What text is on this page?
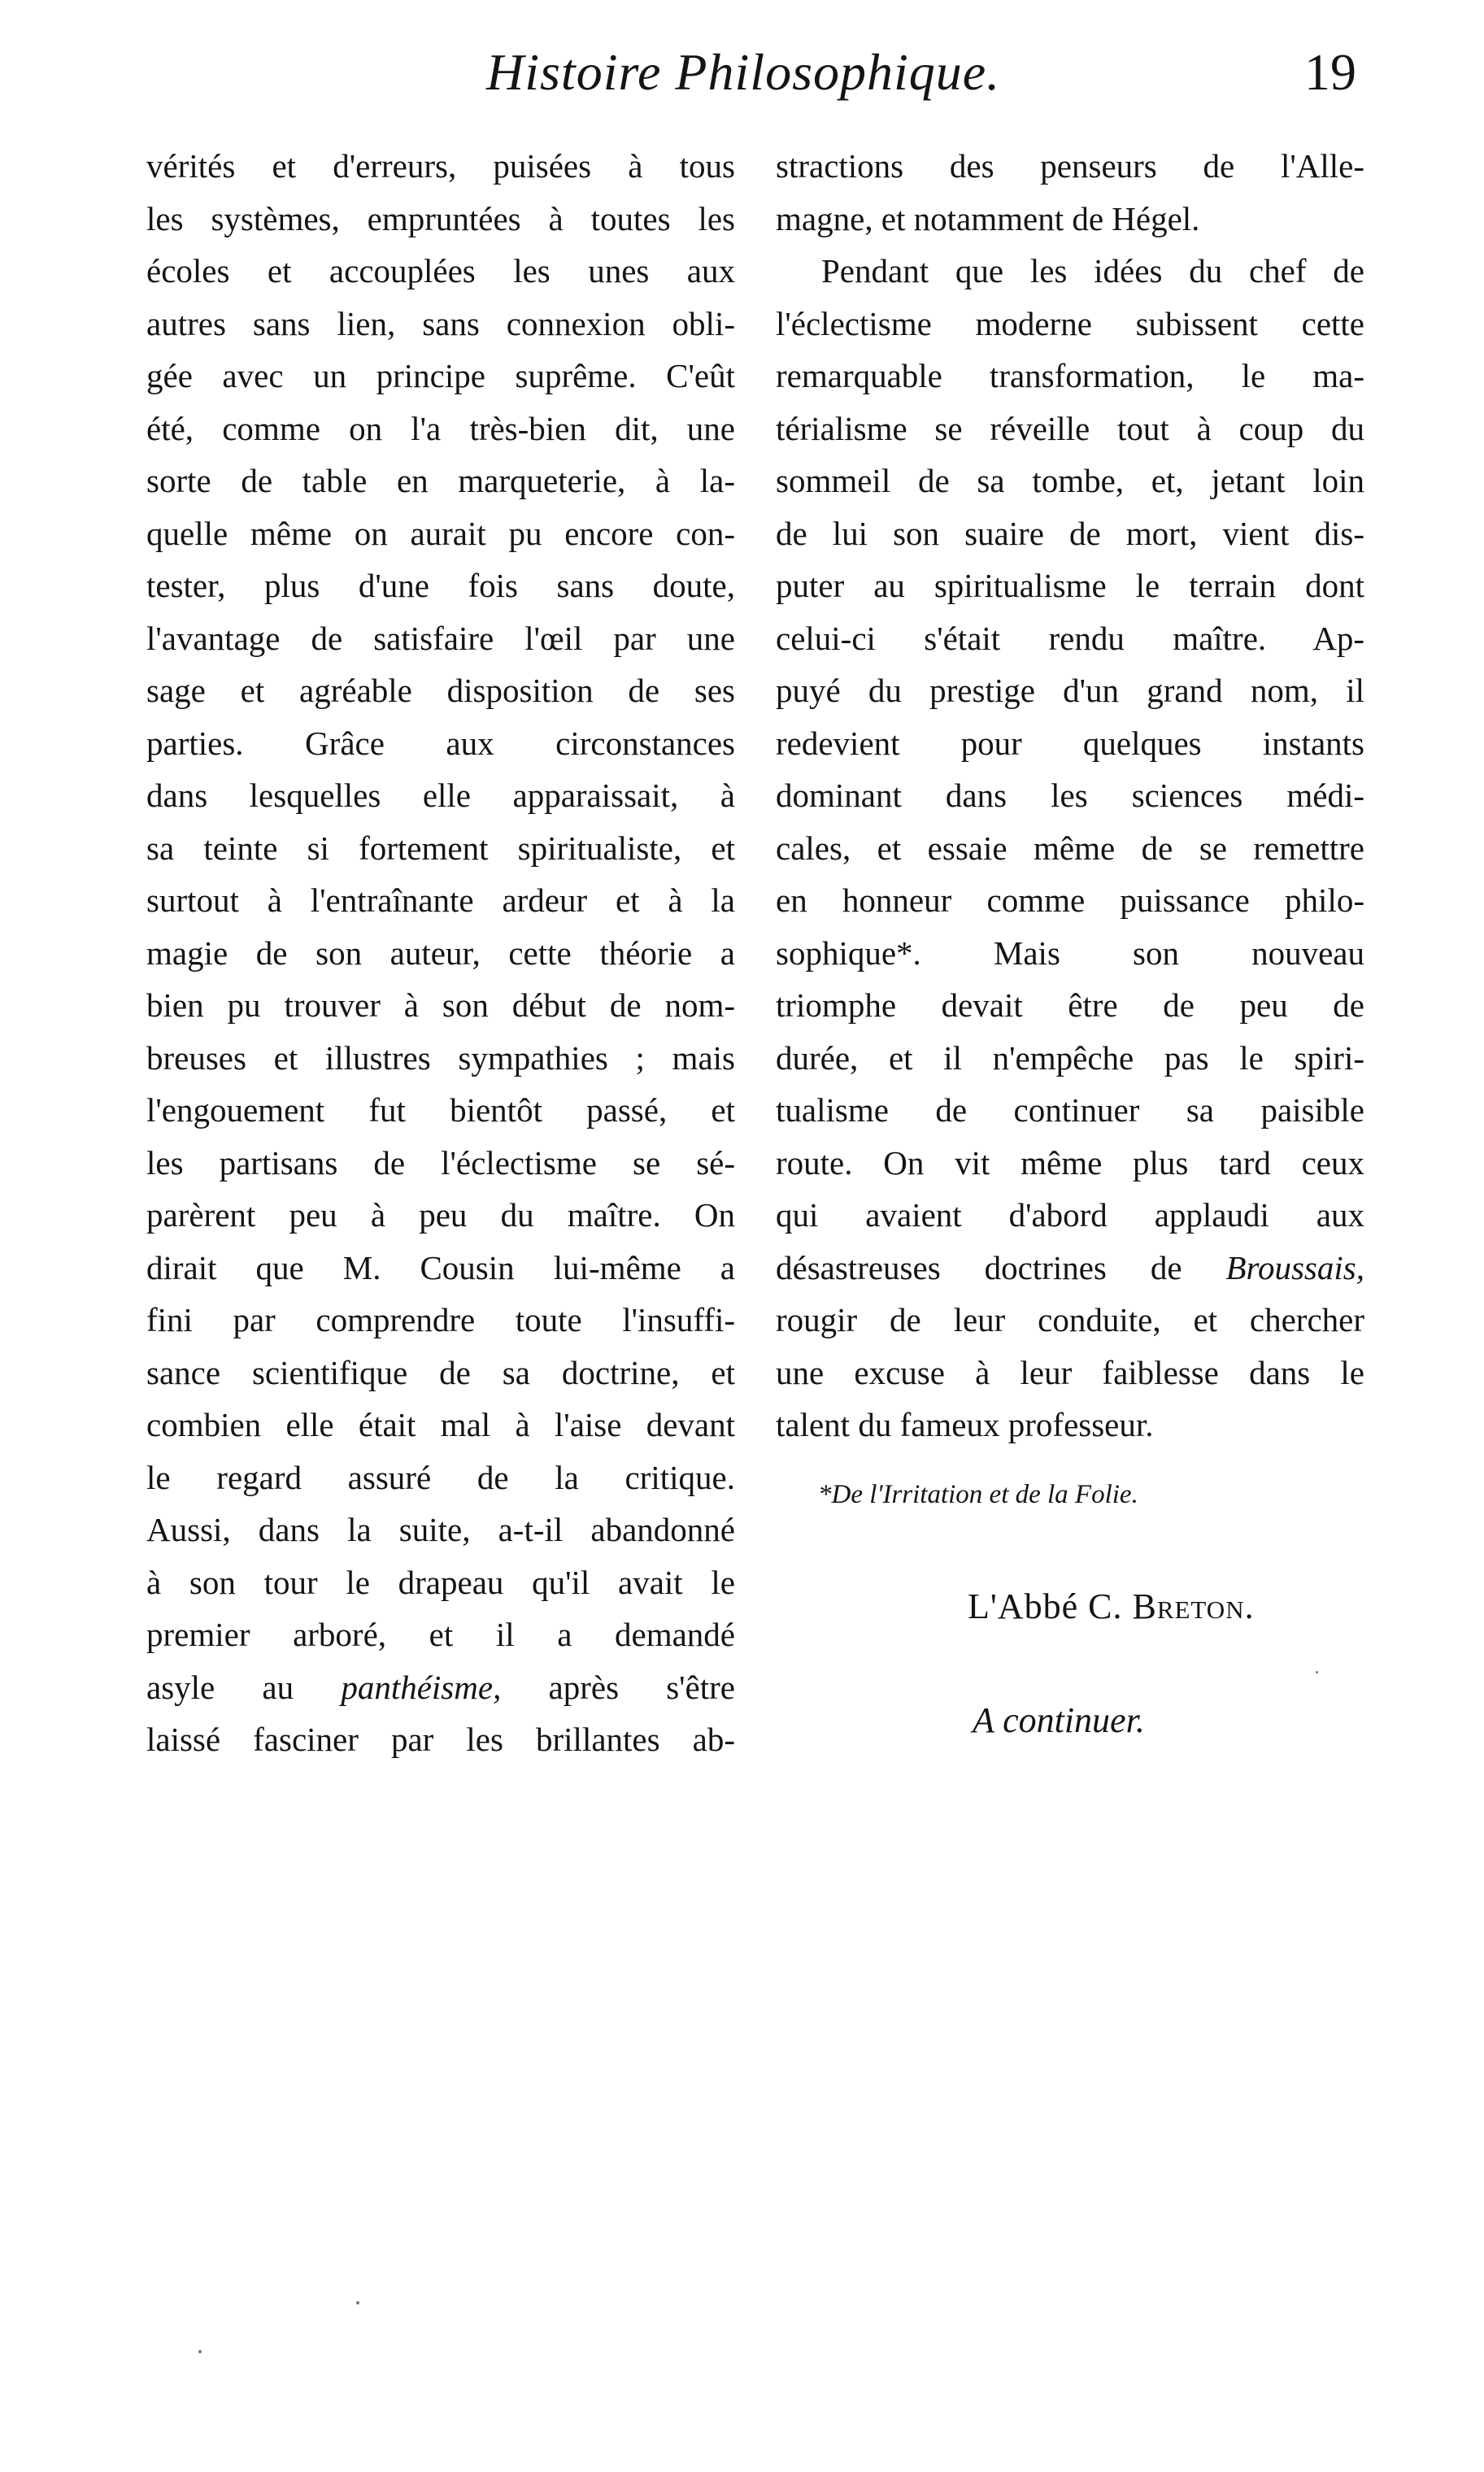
Histoire Philosophique.	19
vérités et d'erreurs, puisées à tous
les systèmes, empruntées à toutes les
écoles et accouplées les unes aux
autres sans lien, sans connexion obli-
gée avec un principe suprême. C'eût
été, comme on l'a très-bien dit, une
sorte de table en marqueterie, à la-
quelle même on aurait pu encore con-
tester, plus d'une fois sans doute,
l'avantage de satisfaire l'œil par une
sage et agréable disposition de ses
parties. Grâce aux circonstances
dans lesquelles elle apparaissait, à
sa teinte si fortement spiritualiste, et
surtout à l'entraînante ardeur et à la
magie de son auteur, cette théorie a
bien pu trouver à son début de nom-
breuses et illustres sympathies ; mais
l'engouement fut bientôt passé, et
les partisans de l'éclectisme se sé-
parèrent peu à peu du maître. On
dirait que M. Cousin lui-même a
fini par comprendre toute l'insuffi-
sance scientifique de sa doctrine, et
combien elle était mal à l'aise devant
le regard assuré de la critique.
Aussi, dans la suite, a-t-il abandonné
à son tour le drapeau qu'il avait le
premier arboré, et il a demandé
asyle au panthéisme, après s'être
laissé fasciner par les brillantes ab-
stractions des penseurs de l'Alle-
magne, et notamment de Hégel.
Pendant que les idées du chef de
l'éclectisme moderne subissent cette
remarquable transformation, le ma-
térialisme se réveille tout à coup du
sommeil de sa tombe, et, jetant loin
de lui son suaire de mort, vient dis-
puter au spiritualisme le terrain dont
celui-ci s'était rendu maître. Ap-
puyé du prestige d'un grand nom, il
redevient pour quelques instants
dominant dans les sciences médi-
cales, et essaie même de se remettre
en honneur comme puissance philo-
sophique*. Mais son nouveau
triomphe devait être de peu de
durée, et il n'empêche pas le spiri-
tualisme de continuer sa paisible
route. On vit même plus tard ceux
qui avaient d'abord applaudi aux
désastreuses doctrines de Broussais,
rougir de leur conduite, et chercher
une excuse à leur faiblesse dans le
talent du fameux professeur.
*De l'Irritation et de la Folie.
L'Abbé C. Breton.
A continuer.
